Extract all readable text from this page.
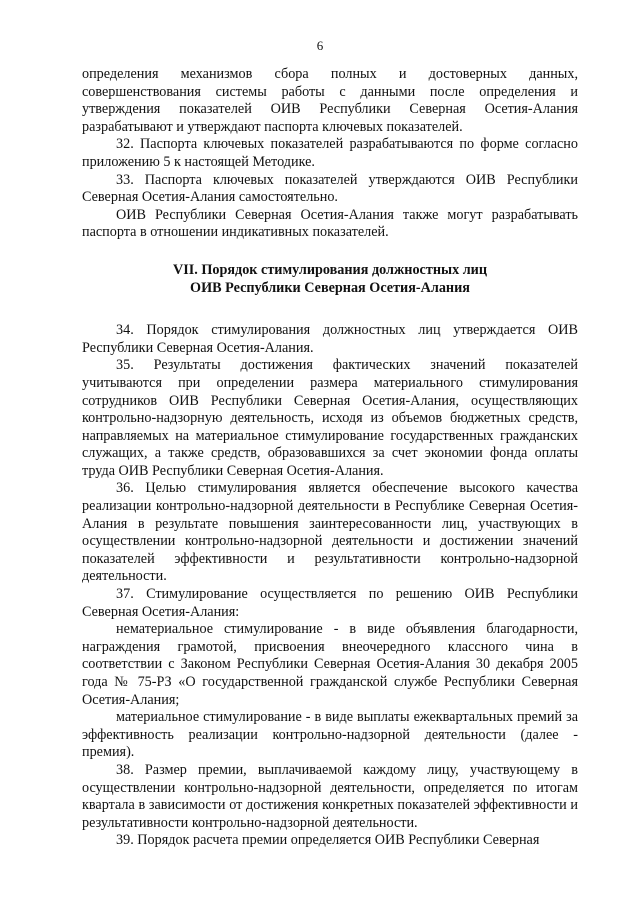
6

определения механизмов сбора полных и достоверных данных, совершенствования системы работы с данными после определения и утверждения показателей ОИВ Республики Северная Осетия-Алания разрабатывают и утверждают паспорта ключевых показателей.

32. Паспорта ключевых показателей разрабатываются по форме согласно приложению 5 к настоящей Методике.

33. Паспорта ключевых показателей утверждаются ОИВ Республики Северная Осетия-Алания самостоятельно.

ОИВ Республики Северная Осетия-Алания также могут разрабатывать паспорта в отношении индикативных показателей.

VII. Порядок стимулирования должностных лиц
ОИВ Республики Северная Осетия-Алания

34. Порядок стимулирования должностных лиц утверждается ОИВ Республики Северная Осетия-Алания.

35. Результаты достижения фактических значений показателей учитываются при определении размера материального стимулирования сотрудников ОИВ Республики Северная Осетия-Алания, осуществляющих контрольно-надзорную деятельность, исходя из объемов бюджетных средств, направляемых на материальное стимулирование государственных гражданских служащих, а также средств, образовавшихся за счет экономии фонда оплаты труда ОИВ Республики Северная Осетия-Алания.

36. Целью стимулирования является обеспечение высокого качества реализации контрольно-надзорной деятельности в Республике Северная Осетия-Алания в результате повышения заинтересованности лиц, участвующих в осуществлении контрольно-надзорной деятельности и достижении значений показателей эффективности и результативности контрольно-надзорной деятельности.

37. Стимулирование осуществляется по решению ОИВ Республики Северная Осетия-Алания:

нематериальное стимулирование - в виде объявления благодарности, награждения грамотой, присвоения внеочередного классного чина в соответствии с Законом Республики Северная Осетия-Алания 30 декабря 2005 года № 75-РЗ «О государственной гражданской службе Республики Северная Осетия-Алания;

материальное стимулирование - в виде выплаты ежеквартальных премий за эффективность реализации контрольно-надзорной деятельности (далее - премия).

38. Размер премии, выплачиваемой каждому лицу, участвующему в осуществлении контрольно-надзорной деятельности, определяется по итогам квартала в зависимости от достижения конкретных показателей эффективности и результативности контрольно-надзорной деятельности.

39. Порядок расчета премии определяется ОИВ Республики Северная
